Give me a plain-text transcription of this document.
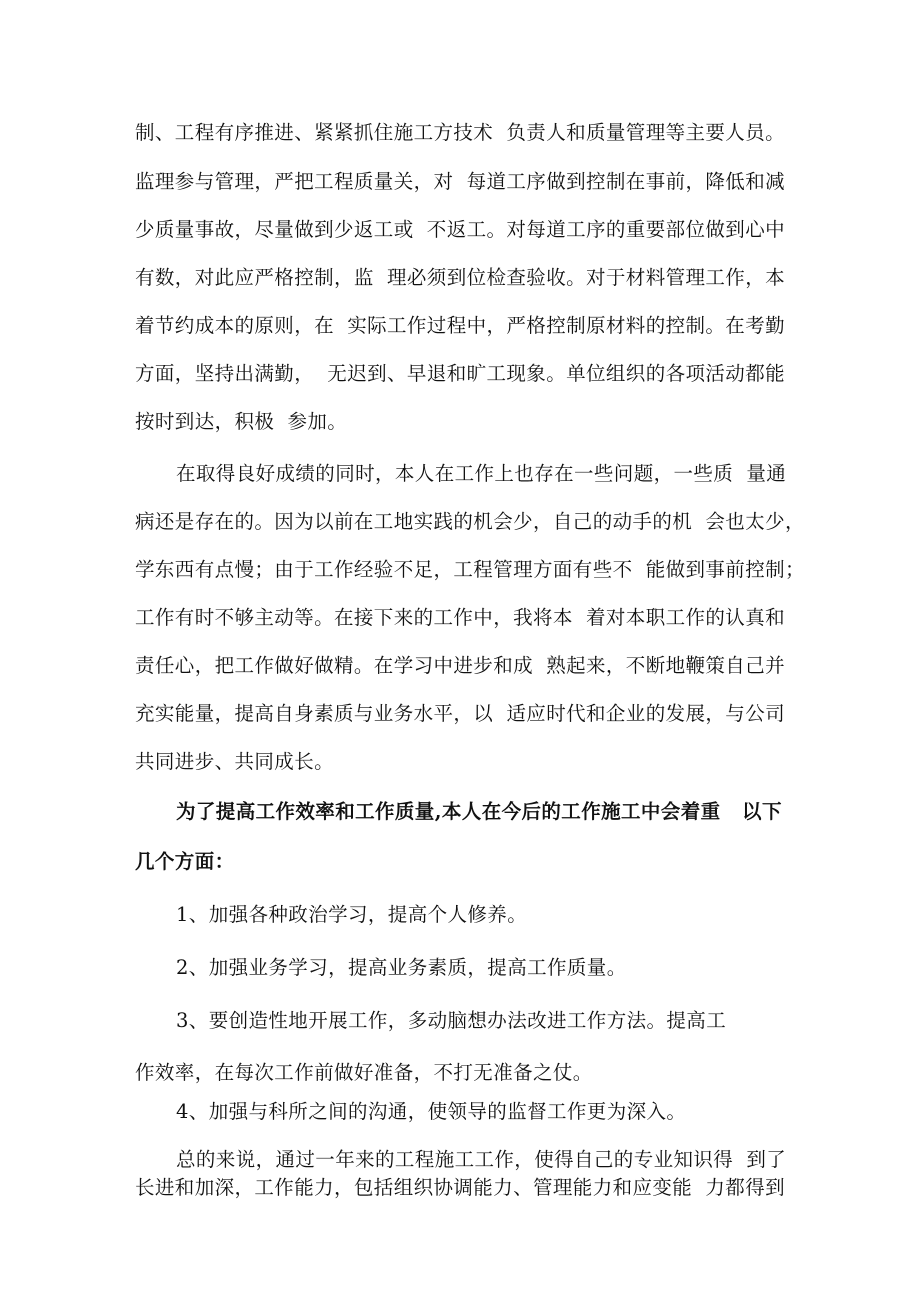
制、工程有序推进、紧紧抓住施工方技术  负责人和质量管理等主要人员。
监理参与管理，严把工程质量关，对  每道工序做到控制在事前，降低和减
少质量事故，尽量做到少返工或  不返工。对每道工序的重要部位做到心中
有数，对此应严格控制，监  理必须到位检查验收。对于材料管理工作，本
着节约成本的原则，在  实际工作过程中，严格控制原材料的控制。在考勤
方面，坚持出满勤，  无迟到、早退和旷工现象。单位组织的各项活动都能
按时到达，积极  参加。
在取得良好成绩的同时，本人在工作上也存在一些问题，一些质  量通
病还是存在的。因为以前在工地实践的机会少，自己的动手的机  会也太少，
学东西有点慢；由于工作经验不足，工程管理方面有些不  能做到事前控制；
工作有时不够主动等。在接下来的工作中，我将本  着对本职工作的认真和
责任心，把工作做好做精。在学习中进步和成  熟起来，不断地鞭策自己并
充实能量，提高自身素质与业务水平，以  适应时代和企业的发展，与公司
共同进步、共同成长。
为了提高工作效率和工作质量,本人在今后的工作施工中会着重   以下
几个方面：
1、加强各种政治学习，提高个人修养。
2、加强业务学习，提高业务素质，提高工作质量。
3、要创造性地开展工作，多动脑想办法改进工作方法。提高工
作效率，在每次工作前做好准备，不打无准备之仗。
4、加强与科所之间的沟通，使领导的监督工作更为深入。
总的来说，通过一年来的工程施工工作，使得自己的专业知识得  到了
长进和加深，工作能力，包括组织协调能力、管理能力和应变能  力都得到
